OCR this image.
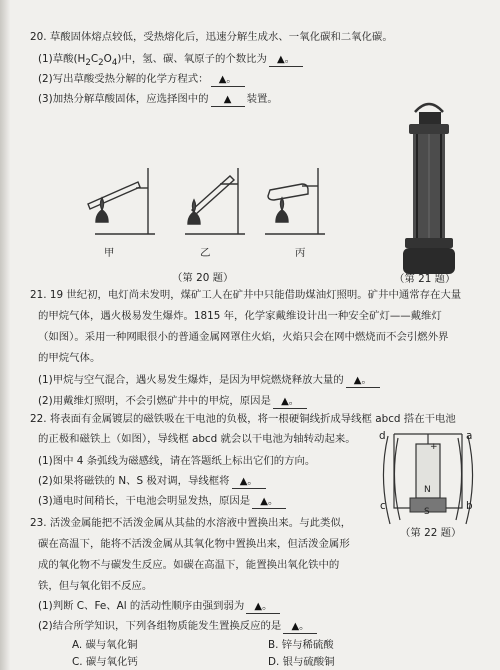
20. 草酸固体熔点较低，受热熔化后，迅速分解生成水、一氧化碳和二氧化碳。
(1)草酸$(H_2C_2O_4)$中，氢、碳、氧原子的个数比为 ▲。
(2)写出草酸受热分解的化学方程式： ▲。
(3)加热分解草酸固体，应选择图中的 ▲ 装置。
甲	乙	丙
（第 20 题）	（第 21 题）
21. 19 世纪初，电灯尚未发明，煤矿工人在矿井中只能借助煤油灯照明。矿井中通常存在大量
的甲烷气体，遇火极易发生爆炸。1815 年，化学家戴维设计出一种安全矿灯——戴维灯
（如图）。采用一种网眼很小的普通金属网罩住火焰，火焰只会在网中燃烧而不会引燃外界
的甲烷气体。
(1)甲烷与空气混合，遇火易发生爆炸，是因为甲烷燃烧释放大量的 ▲。
(2)用戴维灯照明，不会引燃矿井中的甲烷，原因是 ▲。
22. 将表面有金属镀层的磁铁吸在干电池的负极，将一根硬铜线折成导线框 abcd 搭在干电池
的正极和磁铁上（如图），导线框 abcd 就会以干电池为轴转动起来。
(1)图中 4 条弧线为磁感线，请在答题纸上标出它们的方向。
(2)如果将磁铁的 N、S 极对调，导线框将 ▲。
(3)通电时间稍长，干电池会明显发热，原因是 ▲。
d	a
c	b
+
N
S
（第 22 题）
23. 活泼金属能把不活泼金属从其盐的水溶液中置换出来。与此类似，
碳在高温下，能将不活泼金属从其氧化物中置换出来，但活泼金属形
成的氧化物不与碳发生反应。如碳在高温下，能置换出氧化铁中的
铁，但与氧化铝不反应。
(1)判断 C、Fe、Al 的活动性顺序由强到弱为 ▲。
(2)结合所学知识，下列各组物质能发生置换反应的是 ▲。
A. 碳与氧化铜	B. 锌与稀硫酸
C. 碳与氧化钙	D. 银与硫酸铜
